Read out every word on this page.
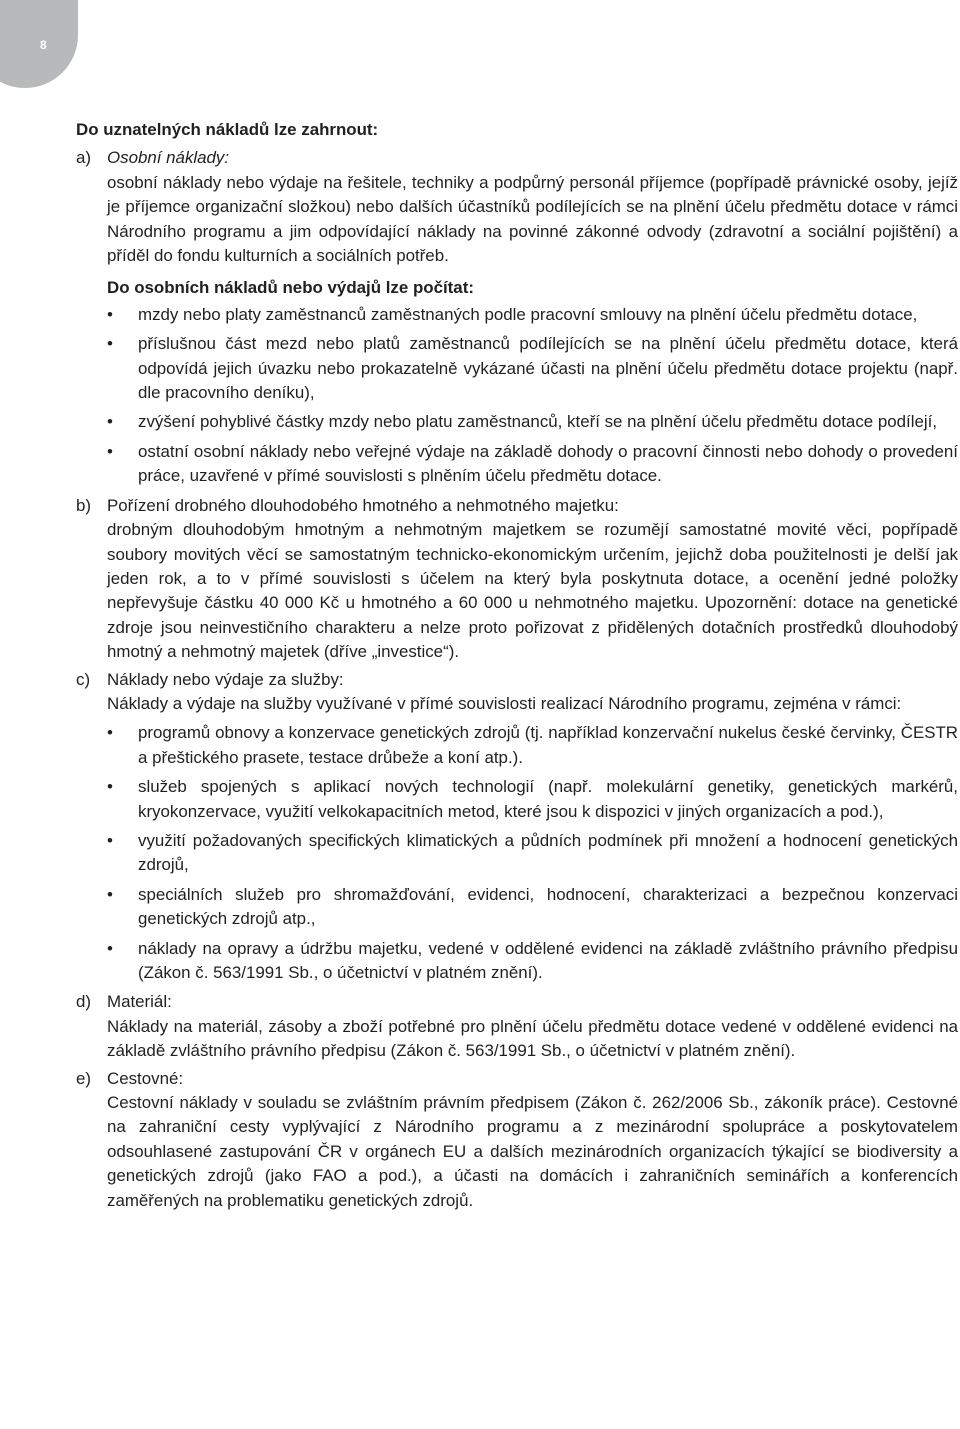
8
Do uznatelných nákladů lze zahrnout:
a) Osobní náklady:

osobní náklady nebo výdaje na řešitele, techniky a podpůrný personál příjemce (popřípadě právnické osoby, jejíž je příjemce organizační složkou) nebo dalších účastníků podílejících se na plnění účelu předmětu dotace v rámci Národního programu a jim odpovídající náklady na povinné zákonné odvody (zdravotní a sociální pojištění) a příděl do fondu kulturních a sociálních potřeb.

Do osobních nákladů nebo výdajů lze počítat:
• mzdy nebo platy zaměstnanců zaměstnaných podle pracovní smlouvy na plnění účelu předmětu dotace,
• příslušnou část mezd nebo platů zaměstnanců podílejících se na plnění účelu předmětu dotace, která odpovídá jejich úvazku nebo prokazatelně vykázané účasti na plnění účelu předmětu dotace projektu (např. dle pracovního deníku),
• zvýšení pohyblivé částky mzdy nebo platu zaměstnanců, kteří se na plnění účelu předmětu dotace podílejí,
• ostatní osobní náklady nebo veřejné výdaje na základě dohody o pracovní činnosti nebo dohody o provedení práce, uzavřené v přímé souvislosti s plněním účelu předmětu dotace.
b) Pořízení drobného dlouhodobého hmotného a nehmotného majetku:

drobným dlouhodobým hmotným a nehmotným majetkem se rozumějí samostatné movité věci, popřípadě soubory movitých věcí se samostatným technicko-ekonomickým určením, jejichž doba použitelnosti je delší jak jeden rok, a to v přímé souvislosti s účelem na který byla poskytnuta dotace, a ocenění jedné položky nepřevyšuje částku 40 000 Kč u hmotného a 60 000 u nehmotného majetku. Upozornění: dotace na genetické zdroje jsou neinvestičního charakteru a nelze proto pořizovat z přidělených dotačních prostředků dlouhodobý hmotný a nehmotný majetek (dříve „investice“).

c)	Náklady nebo výdaje za služby:

Náklady a výdaje na služby využívané v přímé souvislosti realizací Národního programu, zejména v rámci:

• programů obnovy a konzervace genetických zdrojů (tj. například konzervační nukelus české červinky, ČESTR a přeštického prasete, testace drůbeže a koní atp.).
• služeb spojených s aplikací nových technologií (např. molekulární genetiky, genetických markérů, kryokonzervace, využití velkokapacitních metod, které jsou k dispozici v jiných organizacích a pod.),
• využití požadovaných specifických klimatických a půdních podmínek při množení a hodnocení genetických zdrojů,
• speciálních služeb pro shromažďování, evidenci, hodnocení, charakterizaci a bezpečnou konzervaci genetických zdrojů atp.,
• náklady na opravy a údržbu majetku, vedené v oddělené evidenci na základě zvláštního právního předpisu (Zákon č. 563/1991 Sb., o účetnictví v platném znění).
d) Materiál:

Náklady na materiál, zásoby a zboží potřebné pro plnění účelu předmětu dotace vedené v oddělené evidenci na základě zvláštního právního předpisu (Zákon č. 563/1991 Sb., o účetnictví v platném znění).

e) Cestovné:

Cestovní náklady v souladu se zvláštním právním předpisem (Zákon č. 262/2006 Sb., zákoník práce). Cestovné na zahraniční cesty vyplývající z Národního programu a z mezinárodní spolupráce a poskytovatelem odsouhlasené zastupování ČR v orgánech EU a dalších mezinárodních organizacích týkající se biodiversity a genetických zdrojů (jako FAO a pod.), a účasti na domácích i zahraničních seminářích a konferencích zaměřených na problematiku genetických zdrojů.
